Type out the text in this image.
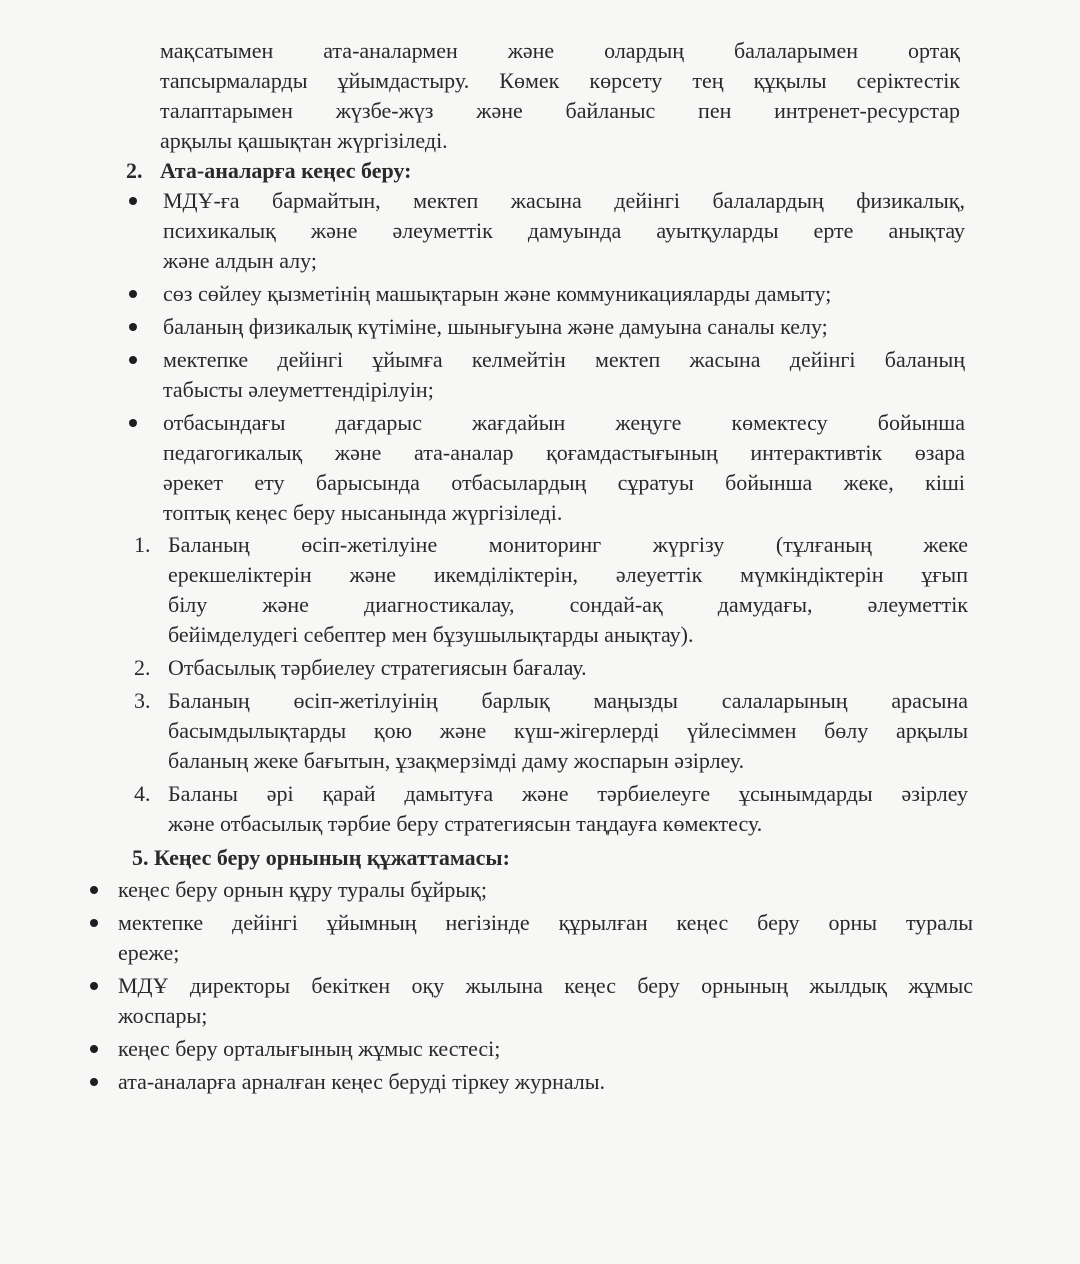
мақсатымен ата-аналармен және олардың балаларымен ортақ
тапсырмаларды ұйымдастыру. Көмек көрсету тең құқылы серіктестік
талаптарымен жүзбе-жүз және байланыс пен интренет-ресурстар
арқылы қашықтан жүргізіледі.
2. Ата-аналарға кеңес беру:
МДҰ-ға бармайтын, мектеп жасына дейінгі балалардың физикалық,
психикалық және әлеуметтік дамуында ауытқуларды ерте анықтау
және алдын алу;
сөз сөйлеу қызметінің машықтарын және коммуникацияларды дамыту;
баланың физикалық күтіміне, шынығуына және дамуына саналы келу;
мектепке дейінгі ұйымға келмейтін мектеп жасына дейінгі баланың
табысты әлеуметтендірілуін;
отбасындағы дағдарыс жағдайын жеңуге көмектесу бойынша
педагогикалық және ата-аналар қоғамдастығының интерактивтік өзара
әрекет ету барысында отбасылардың сұратуы бойынша жеке, кіші
топтық кеңес беру нысанында жүргізіледі.
1. Баланың өсіп-жетілуіне мониторинг жүргізу (тұлғаның жеке
ерекшеліктерін және икемділіктерін, әлеуеттік мүмкіндіктерін ұғып
білу және диагностикалау, сондай-ақ дамудағы, әлеуметтік
бейімделудегі себептер мен бұзушылықтарды анықтау).
2. Отбасылық тәрбиелеу стратегиясын бағалау.
3. Баланың өсіп-жетілуінің барлық маңызды салаларының арасына
басымдылықтарды қою және күш-жігерлерді үйлесіммен бөлу арқылы
баланың жеке бағытын, ұзақмерзімді даму жоспарын әзірлеу.
4. Баланы әрі қарай дамытуға және тәрбиелеуге ұсынымдарды әзірлеу
және отбасылық тәрбие беру стратегиясын таңдауға көмектесу.
5. Кеңес беру орнының құжаттамасы:
кеңес беру орнын құру туралы бұйрық;
мектепке дейінгі ұйымның негізінде құрылған кеңес беру орны туралы
ереже;
МДҰ директоры бекіткен оқу жылына кеңес беру орнының жылдық жұмыс
жоспары;
кеңес беру орталығының жұмыс кестесі;
ата-аналарға арналған кеңес беруді тіркеу журналы.
